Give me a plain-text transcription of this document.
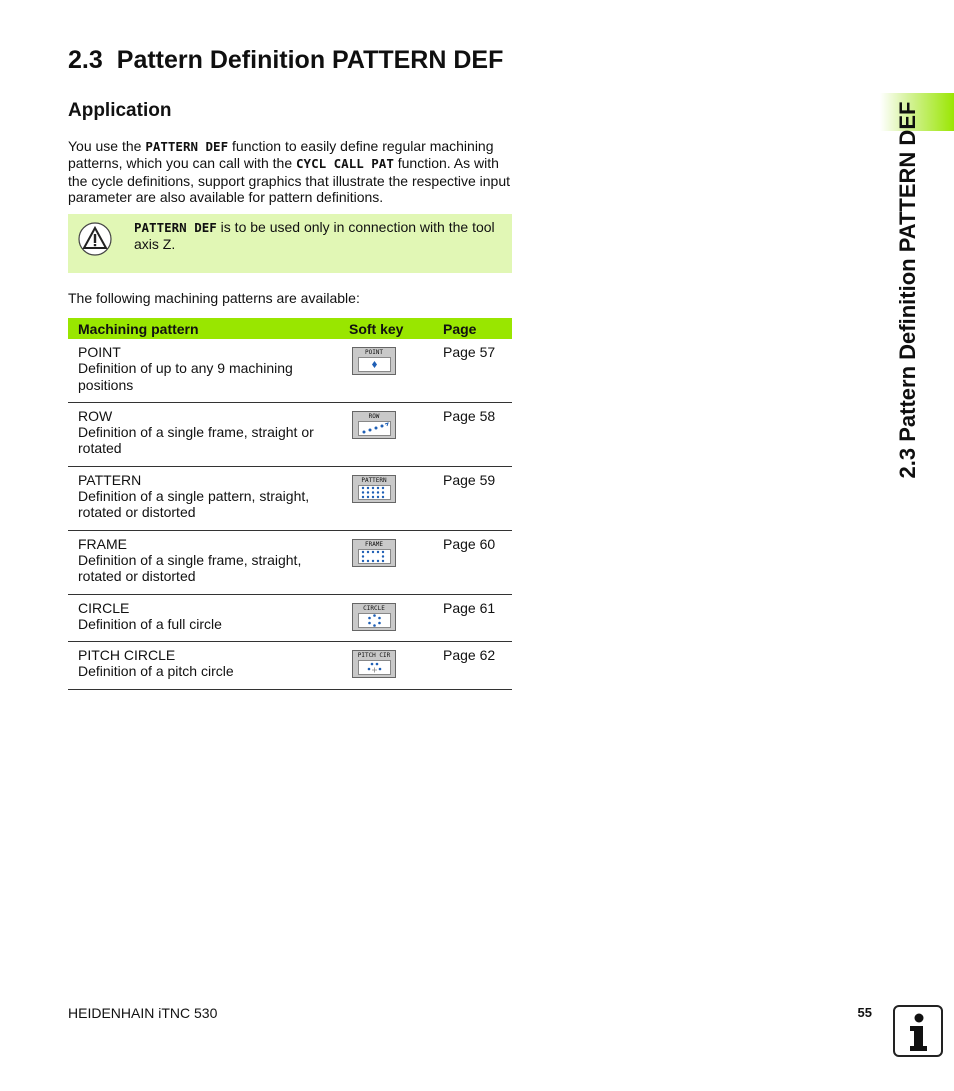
2.3 Pattern Definition PATTERN DEF
Application
You use the PATTERN DEF function to easily define regular machining patterns, which you can call with the CYCL CALL PAT function. As with the cycle definitions, support graphics that illustrate the respective input parameter are also available for pattern definitions.
PATTERN DEF is to be used only in connection with the tool axis Z.
The following machining patterns are available:
Machining pattern	Soft key	Page

POINT
Definition of up to any 9 machining positions	POINT	Page 57

ROW
Definition of a single frame, straight or rotated	ROW	Page 58

PATTERN
Definition of a single pattern, straight, rotated or distorted	PATTERN	Page 59

FRAME
Definition of a single frame, straight, rotated or distorted	FRAME	Page 60

CIRCLE
Definition of a full circle	CIRCLE	Page 61

PITCH CIRCLE
Definition of a pitch circle	PITCH CIR	Page 62
2.3 Pattern Definition PATTERN DEF
HEIDENHAIN iTNC 530	55
